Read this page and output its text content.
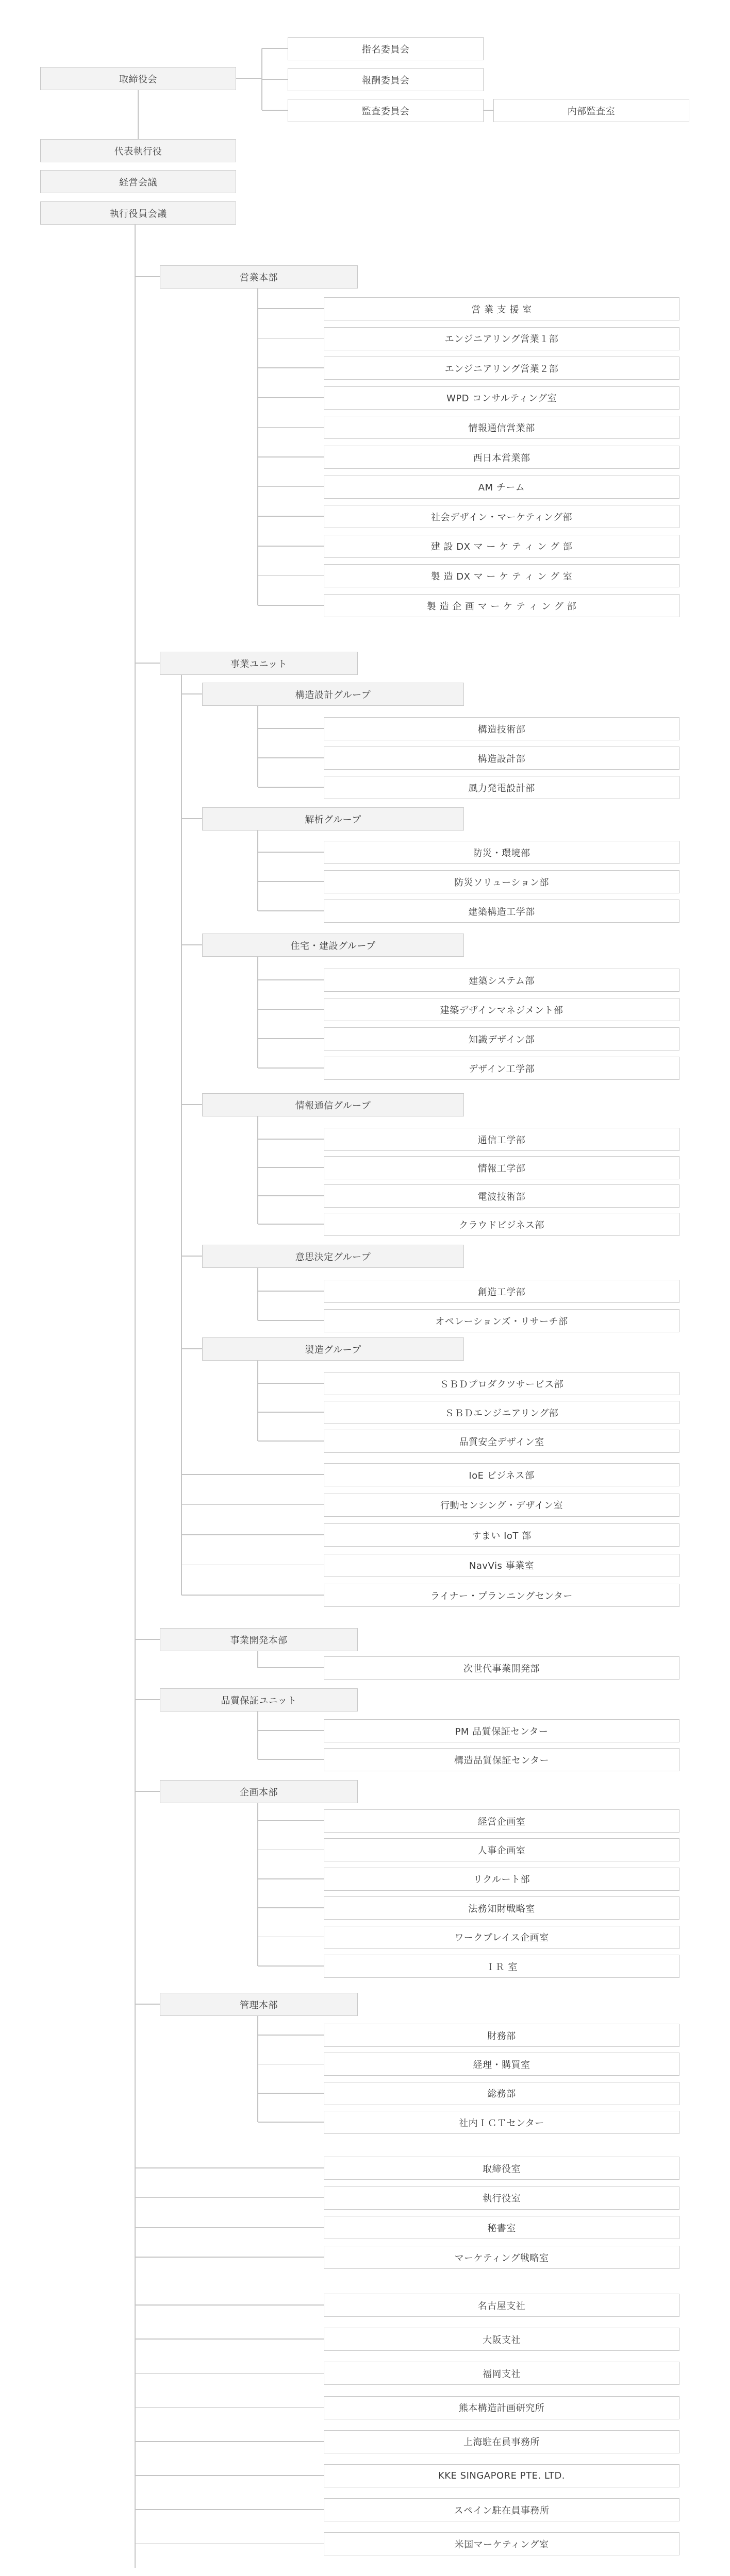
取締役会
指名委員会
報酬委員会
監査委員会	内部監査室
代表執行役
経営会議
執行役員会議
営業本部
営 業 支 援 室
エンジニアリング営業１部
エンジニアリング営業２部
WPD コンサルティング室
情報通信営業部
西日本営業部
AM チーム
社会デザイン・マーケティング部
建 設 DX マ ー ケ テ ィ ン グ 部
製 造 DX マ ー ケ テ ィ ン グ 室
製 造 企 画 マ ー ケ テ ィ ン グ 部
事業ユニット
構造設計グループ
構造技術部
構造設計部
風力発電設計部
解析グループ
防災・環境部
防災ソリューション部
建築構造工学部
住宅・建設グループ
建築システム部
建築デザインマネジメント部
知識デザイン部
デザイン工学部
情報通信グループ
通信工学部
情報工学部
電波技術部
クラウドビジネス部
意思決定グループ
創造工学部
オペレーションズ・リサーチ部
製造グループ
ＳＢＤプロダクツサービス部
ＳＢＤエンジニアリング部
品質安全デザイン室
IoE ビジネス部
行動センシング・デザイン室
すまい IoT 部
NavVis 事業室
ライナー・プランニングセンター
事業開発本部
次世代事業開発部
品質保証ユニット
PM 品質保証センター
構造品質保証センター
企画本部
経営企画室
人事企画室
リクルート部
法務知財戦略室
ワークプレイス企画室
ＩＲ 室
管理本部
財務部
経理・購買室
総務部
社内ＩＣＴセンター
取締役室
執行役室
秘書室
マーケティング戦略室
名古屋支社
大阪支社
福岡支社
熊本構造計画研究所
上海駐在員事務所
KKE SINGAPORE PTE. LTD.
スペイン駐在員事務所
米国マーケティング室
